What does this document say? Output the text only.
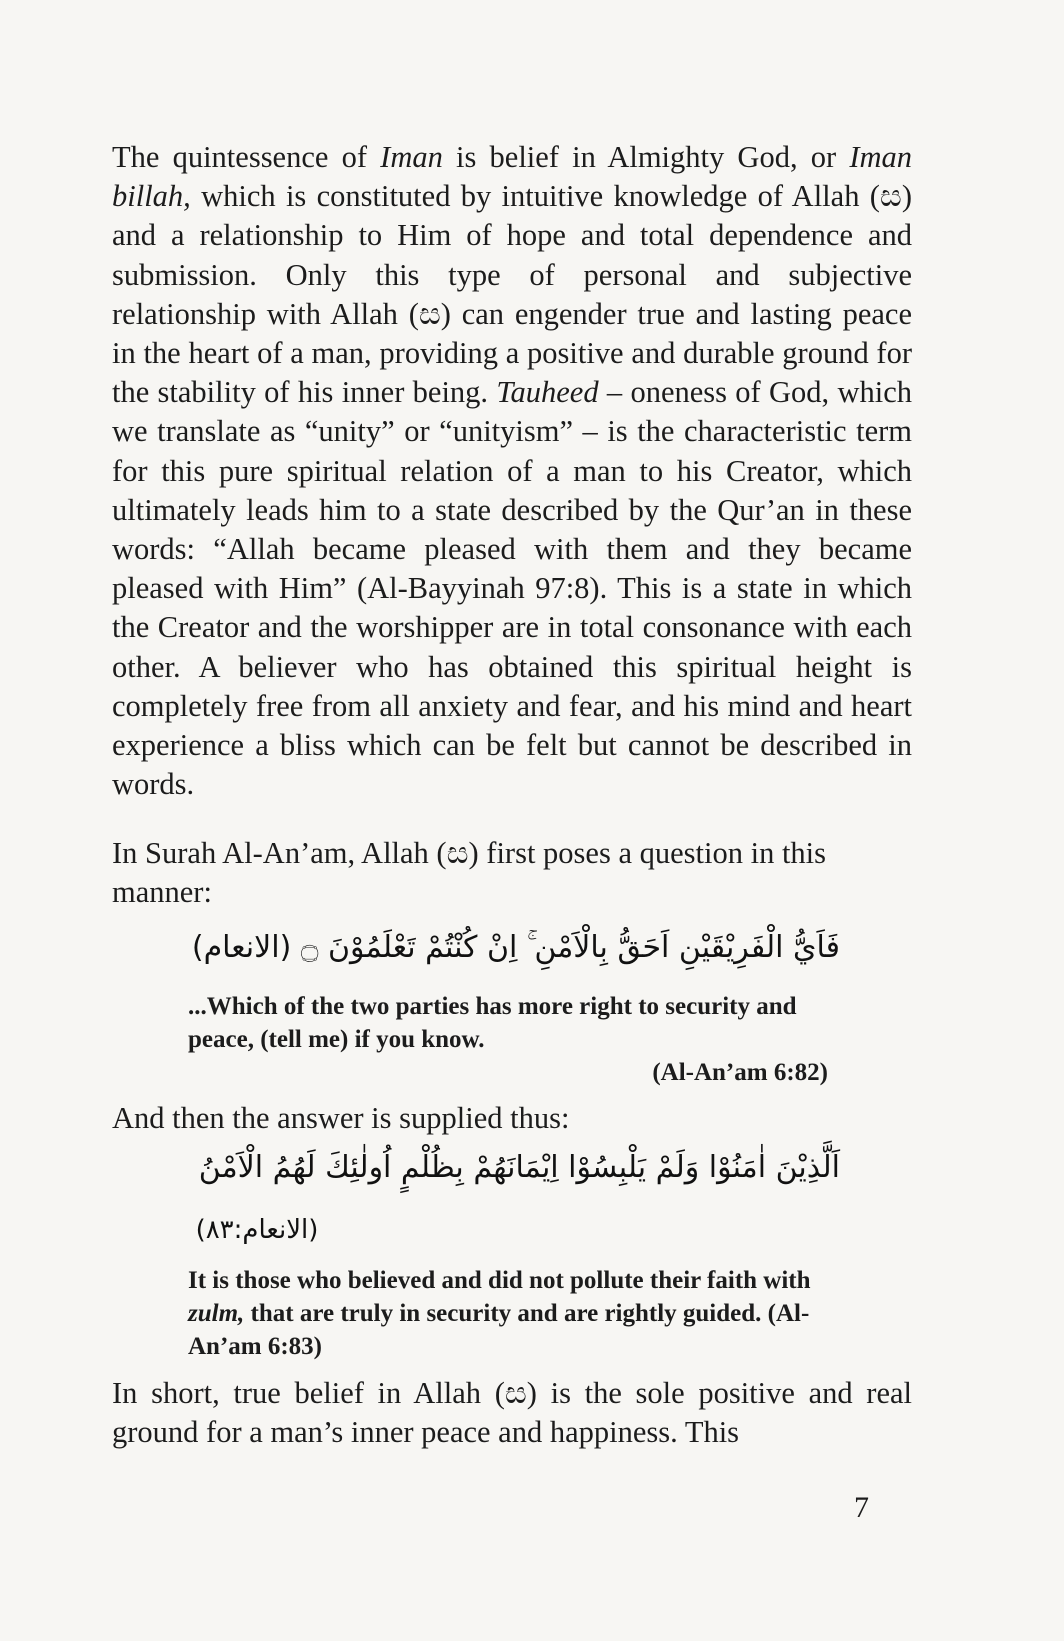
The quintessence of Iman is belief in Almighty God, or Iman billah, which is constituted by intuitive knowledge of Allah (ස) and a relationship to Him of hope and total dependence and submission. Only this type of personal and subjective relationship with Allah (ස) can engender true and lasting peace in the heart of a man, providing a positive and durable ground for the stability of his inner being. Tauheed – oneness of God, which we translate as “unity” or “unityism” – is the characteristic term for this pure spiritual relation of a man to his Creator, which ultimately leads him to a state described by the Qur’an in these words: “Allah became pleased with them and they became pleased with Him” (Al-Bayyinah 97:8). This is a state in which the Creator and the worshipper are in total consonance with each other. A believer who has obtained this spiritual height is completely free from all anxiety and fear, and his mind and heart experience a bliss which can be felt but cannot be described in words.

In Surah Al-An’am, Allah (ස) first poses a question in this manner:

فَاَيُّ الْفَرِيْقَيْنِ اَحَقُّ بِالْاَمْنِ ۚ اِنْ كُنْتُمْ تَعْلَمُوْنَ ۝ (الانعام)

...Which of the two parties has more right to security and peace, (tell me) if you know.
(Al-An’am 6:82)

And then the answer is supplied thus:

اَلَّذِيْنَ اٰمَنُوْا وَلَمْ يَلْبِسُوْا اِيْمَانَهُمْ بِظُلْمٍ اُولٰئِكَ لَهُمُ الْاَمْنُ
(الانعام:٨٣)

It is those who believed and did not pollute their faith with zulm, that are truly in security and are rightly guided. (Al-An’am 6:83)

In short, true belief in Allah (ස) is the sole positive and real ground for a man’s inner peace and happiness. This

7
